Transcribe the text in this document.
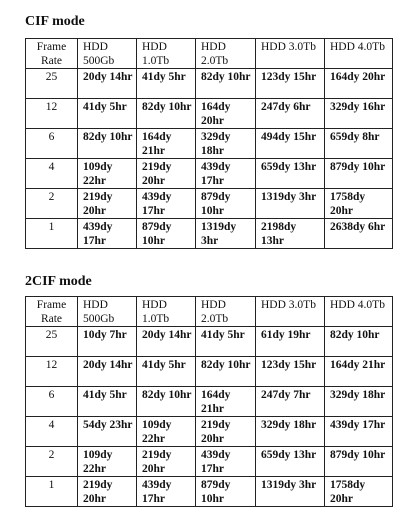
CIF mode
Frame Rate	HDD 500Gb	HDD 1.0Tb	HDD 2.0Tb	HDD 3.0Tb	HDD 4.0Tb

25	20dy 14hr	41dy 5hr	82dy 10hr	123dy 15hr	164dy 20hr

12	41dy 5hr	82dy 10hr	164dy 20hr	247dy 6hr	329dy 16hr

6	82dy 10hr	164dy 21hr	329dy 18hr	494dy 15hr	659dy 8hr

4	109dy 22hr	219dy 20hr	439dy 17hr	659dy 13hr	879dy 10hr

2	219dy 20hr	439dy 17hr	879dy 10hr	1319dy 3hr	1758dy 20hr

1	439dy 17hr	879dy 10hr	1319dy 3hr	2198dy 13hr	2638dy 6hr
2CIF mode
Frame Rate	HDD 500Gb	HDD 1.0Tb	HDD 2.0Tb	HDD 3.0Tb	HDD 4.0Tb

25	10dy 7hr	20dy 14hr	41dy 5hr	61dy 19hr	82dy 10hr

12	20dy 14hr	41dy 5hr	82dy 10hr	123dy 15hr	164dy 21hr

6	41dy 5hr	82dy 10hr	164dy 21hr	247dy 7hr	329dy 18hr

4	54dy 23hr	109dy 22hr	219dy 20hr	329dy 18hr	439dy 17hr

2	109dy 22hr	219dy 20hr	439dy 17hr	659dy 13hr	879dy 10hr

1	219dy 20hr	439dy 17hr	879dy 10hr	1319dy 3hr	1758dy 20hr
